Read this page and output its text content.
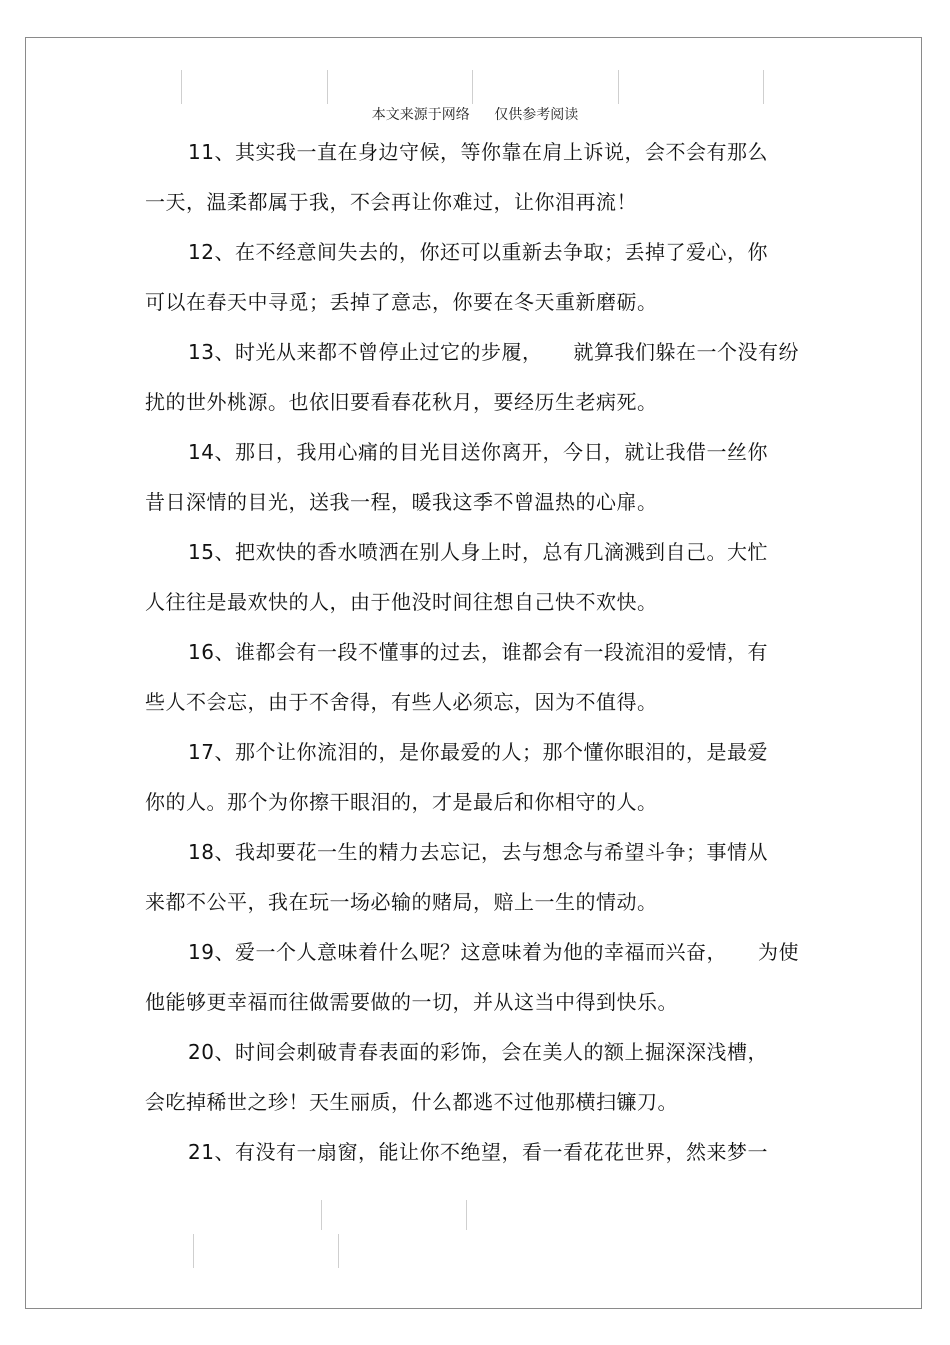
本文来源于网络 仅供参考阅读
11、其实我一直在身边守候，等你靠在肩上诉说，会不会有那么
一天，温柔都属于我，不会再让你难过，让你泪再流！
12、在不经意间失去的，你还可以重新去争取；丢掉了爱心，你
可以在春天中寻觅；丢掉了意志，你要在冬天重新磨砺。
13、时光从来都不曾停止过它的步履，　　就算我们躲在一个没有纷
扰的世外桃源。也依旧要看春花秋月，要经历生老病死。
14、那日，我用心痛的目光目送你离开，今日，就让我借一丝你
昔日深情的目光，送我一程，暖我这季不曾温热的心扉。
15、把欢快的香水喷洒在别人身上时，总有几滴溅到自己。大忙
人往往是最欢快的人，由于他没时间往想自己快不欢快。
16、谁都会有一段不懂事的过去，谁都会有一段流泪的爱情，有
些人不会忘，由于不舍得，有些人必须忘，因为不值得。
17、那个让你流泪的，是你最爱的人；那个懂你眼泪的，是最爱
你的人。那个为你擦干眼泪的，才是最后和你相守的人。
18、我却要花一生的精力去忘记，去与想念与希望斗争；事情从
来都不公平，我在玩一场必输的赌局，赔上一生的情动。
19、爱一个人意味着什么呢？这意味着为他的幸福而兴奋，　　为使
他能够更幸福而往做需要做的一切，并从这当中得到快乐。
20、时间会刺破青春表面的彩饰，会在美人的额上掘深深浅槽，
会吃掉稀世之珍！天生丽质，什么都逃不过他那横扫镰刀。
21、有没有一扇窗，能让你不绝望，看一看花花世界，然来梦一
